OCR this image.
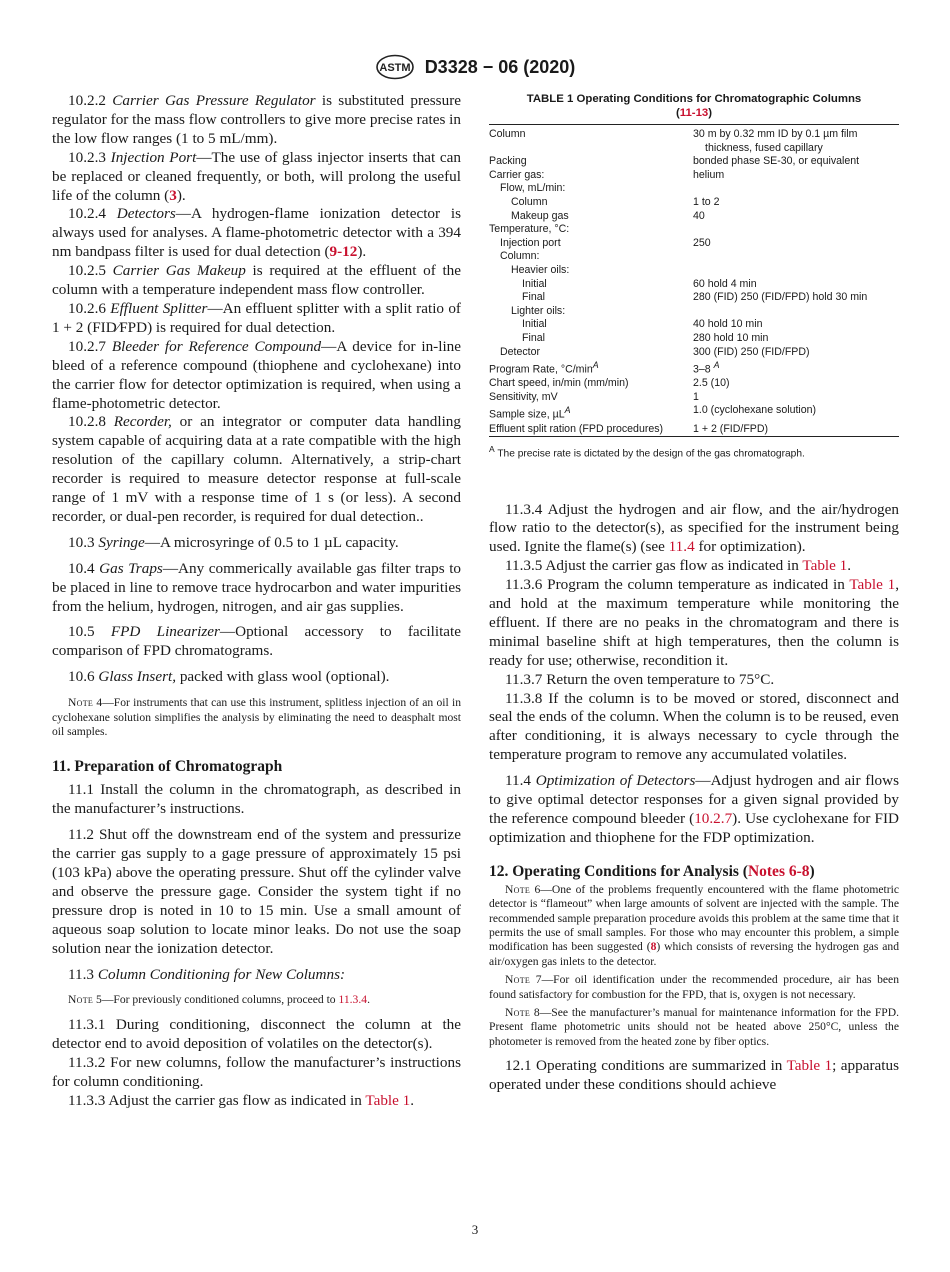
ASTM D3328 − 06 (2020)

10.2.2 Carrier Gas Pressure Regulator is substituted pressure regulator for the mass flow controllers to give more precise rates in the low flow ranges (1 to 5 mL/mm).

10.2.3 Injection Port—The use of glass injector inserts that can be replaced or cleaned frequently, or both, will prolong the useful life of the column (3).

10.2.4 Detectors—A hydrogen-flame ionization detector is always used for analyses. A flame-photometric detector with a 394 nm bandpass filter is used for dual detection (9-12).

10.2.5 Carrier Gas Makeup is required at the effluent of the column with a temperature independent mass flow controller.

10.2.6 Effluent Splitter—An effluent splitter with a split ratio of 1 + 2 (FID⁄FPD) is required for dual detection.

10.2.7 Bleeder for Reference Compound—A device for in-line bleed of a reference compound (thiophene and cyclohexane) into the carrier flow for detector optimization is required, when using a flame-photometric detector.

10.2.8 Recorder, or an integrator or computer data handling system capable of acquiring data at a rate compatible with the high resolution of the capillary column. Alternatively, a strip-chart recorder is required to measure detector response at full-scale range of 1 mV with a response time of 1 s (or less). A second recorder, or dual-pen recorder, is required for dual detection..

10.3 Syringe—A microsyringe of 0.5 to 1 µL capacity.

10.4 Gas Traps—Any commerically available gas filter traps to be placed in line to remove trace hydrocarbon and water impurities from the helium, hydrogen, nitrogen, and air gas supplies.

10.5 FPD Linearizer—Optional accessory to facilitate comparison of FPD chromatograms.

10.6 Glass Insert, packed with glass wool (optional).

Note 4—For instruments that can use this instrument, splitless injection of an oil in cyclohexane solution simplifies the analysis by eliminating the need to deasphalt most oil samples.
11. Preparation of Chromatograph

11.1 Install the column in the chromatograph, as described in the manufacturer’s instructions.

11.2 Shut off the downstream end of the system and pressurize the carrier gas supply to a gage pressure of approximately 15 psi (103 kPa) above the operating pressure. Shut off the cylinder valve and observe the pressure gage. Consider the system tight if no pressure drop is noted in 10 to 15 min. Use a small amount of aqueous soap solution to locate minor leaks. Do not use the soap solution near the ionization detector.

11.3 Column Conditioning for New Columns:

Note 5—For previously conditioned columns, proceed to 11.3.4.

11.3.1 During conditioning, disconnect the column at the detector end to avoid deposition of volatiles on the detector(s).

11.3.2 For new columns, follow the manufacturer’s instructions for column conditioning.

11.3.3 Adjust the carrier gas flow as indicated in Table 1.

TABLE 1 Operating Conditions for Chromatographic Columns
(11-13)
Column	30 m by 0.32 mm ID by 0.1 µm film
thickness, fused capillary

Packing	bonded phase SE-30, or equivalent
Carrier gas:	helium
Flow, mL/min:	
Column	1 to 2
Makeup gas	40
Temperature, °C:	
Injection port	250
Column:	
Heavier oils:	
Initial	60 hold 4 min
Final	280 (FID) 250 (FID/FPD) hold 30 min
Lighter oils:	
Initial	40 hold 10 min
Final	280 hold 10 min
Detector	300 (FID) 250 (FID/FPD)
Program Rate, $^\circ C/\min^A$	3–8 $^A$
Chart speed, in/min (mm/min)	2.5 (10)
Sensitivity, mV	1
Sample size, µL$^A$	1.0 (cyclohexane solution)
Effluent split ration (FPD procedures)	1 + 2 (FID/FPD)
$^A$ The precise rate is dictated by the design of the gas chromatograph.

11.3.4 Adjust the hydrogen and air flow, and the air/hydrogen flow ratio to the detector(s), as specified for the instrument being used. Ignite the flame(s) (see 11.4 for optimization).

11.3.5 Adjust the carrier gas flow as indicated in Table 1.

11.3.6 Program the column temperature as indicated in Table 1, and hold at the maximum temperature while monitoring the effluent. If there are no peaks in the chromatogram and there is minimal baseline shift at high temperatures, then the column is ready for use; otherwise, recondition it.

11.3.7 Return the oven temperature to 75°C.

11.3.8 If the column is to be moved or stored, disconnect and seal the ends of the column. When the column is to be reused, even after conditioning, it is always necessary to cycle through the temperature program to remove any accumulated volatiles.

11.4 Optimization of Detectors—Adjust hydrogen and air flows to give optimal detector responses for a given signal provided by the reference compound bleeder (10.2.7). Use cyclohexane for FID optimization and thiophene for the FDP optimization.

12. Operating Conditions for Analysis (Notes 6-8)
Note 6—One of the problems frequently encountered with the flame photometric detector is “flameout” when large amounts of solvent are injected with the sample. The recommended sample preparation procedure avoids this problem at the same time that it permits the use of small samples. For those who may encounter this problem, a simple modification has been suggested (8) which consists of reversing the hydrogen gas and air/oxygen gas inlets to the detector.
Note 7—For oil identification under the recommended procedure, air has been found satisfactory for combustion for the FPD, that is, oxygen is not necessary.
Note 8—See the manufacturer’s manual for maintenance information for the FPD. Present flame photometric units should not be heated above 250°C, unless the photometer is removed from the heated zone by fiber optics.

12.1 Operating conditions are summarized in Table 1; apparatus operated under these conditions should achieve

3
